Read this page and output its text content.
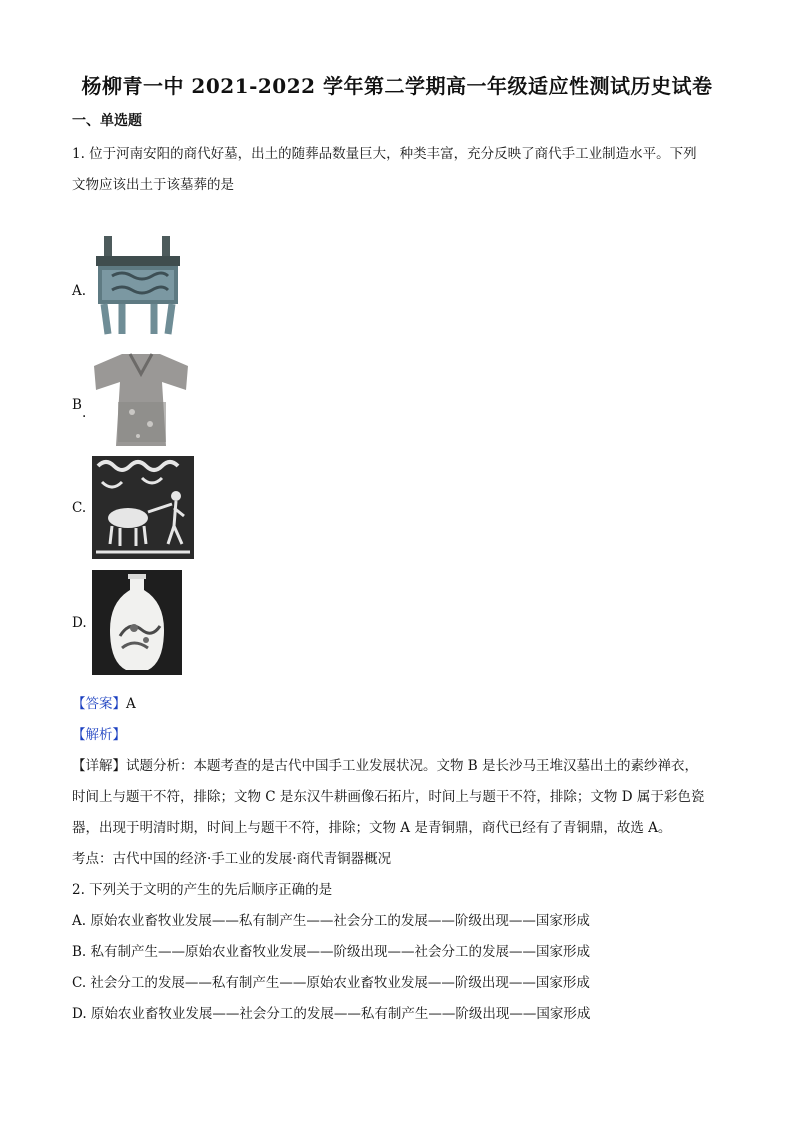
杨柳青一中 2021-2022 学年第二学期高一年级适应性测试历史试卷
一、单选题
1. 位于河南安阳的商代好墓，出土的随葬品数量巨大，种类丰富，充分反映了商代手工业制造水平。下列
文物应该出土于该墓葬的是
A.
B .
C.
D.
【答案】A
【解析】
【详解】试题分析：本题考查的是古代中国手工业发展状况。文物 B 是长沙马王堆汉墓出土的素纱禅衣，
时间上与题干不符，排除；文物 C 是东汉牛耕画像石拓片，时间上与题干不符，排除；文物 D 属于彩色瓷
器，出现于明清时期，时间上与题干不符，排除；文物 A 是青铜鼎，商代已经有了青铜鼎，故选 A。
考点：古代中国的经济·手工业的发展·商代青铜器概况
2. 下列关于文明的产生的先后顺序正确的是
A. 原始农业畜牧业发展——私有制产生——社会分工的发展——阶级出现——国家形成
B. 私有制产生——原始农业畜牧业发展——阶级出现——社会分工的发展——国家形成
C. 社会分工的发展——私有制产生——原始农业畜牧业发展——阶级出现——国家形成
D. 原始农业畜牧业发展——社会分工的发展——私有制产生——阶级出现——国家形成
